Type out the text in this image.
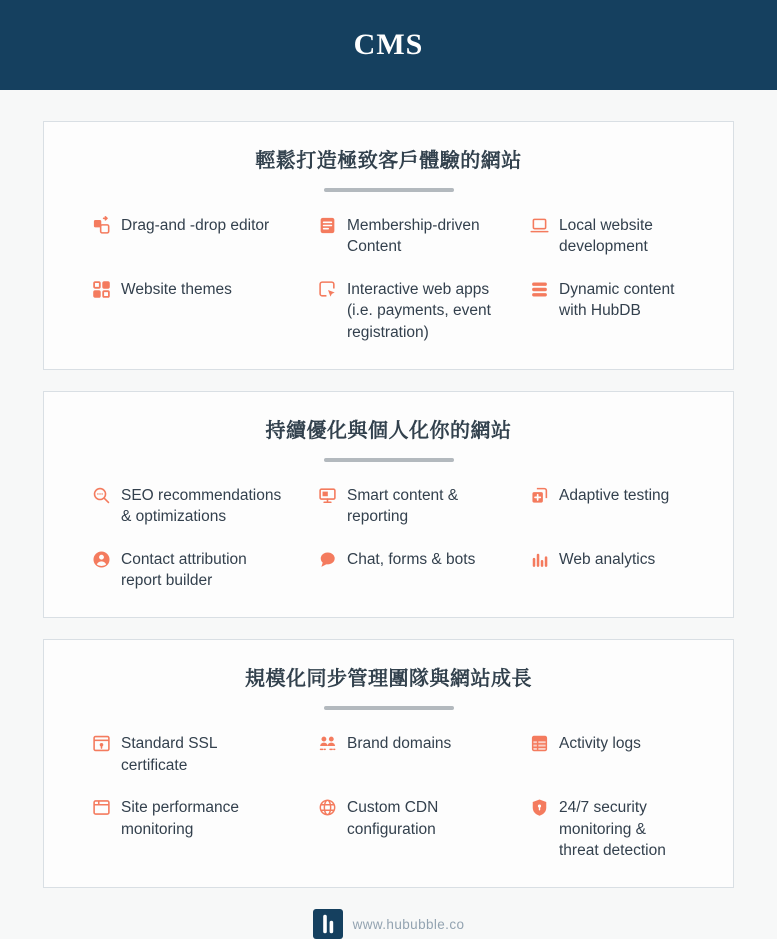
CMS
輕鬆打造極致客戶體驗的網站
Drag-and -drop editor	Membership-driven Content
Local website development
Website themes	Interactive web apps (i.e. payments, event registration)
Dynamic content with HubDB
持續優化與個人化你的網站
SEO recommendations & optimizations
Smart content & reporting
Adaptive testing
Contact attribution report builder
Chat, forms & bots	Web analytics
規模化同步管理團隊與網站成長
Standard SSL certificate
Brand domains	Activity logs
Site performance monitoring
Custom CDN configuration
24/7 security monitoring & threat detection
www.hububble.co
